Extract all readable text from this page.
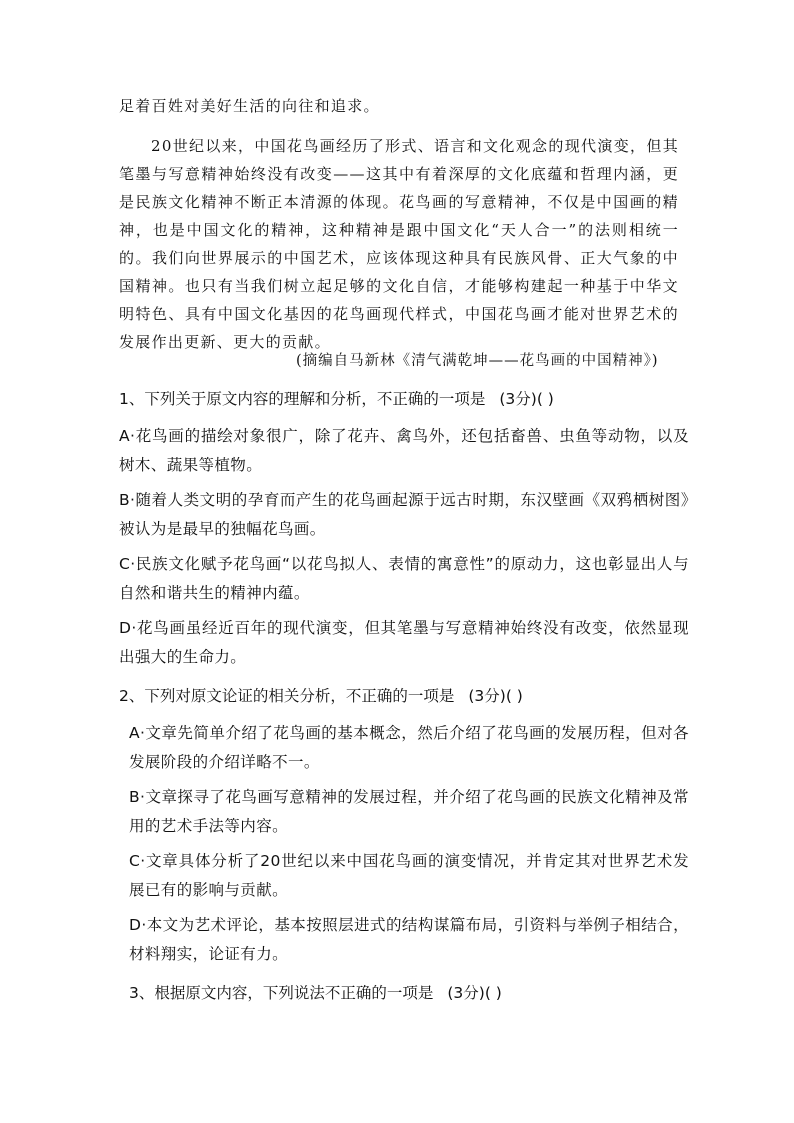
足着百姓对美好生活的向往和追求。

20世纪以来，中国花鸟画经历了形式、语言和文化观念的现代演变，但其笔墨与写意精神始终没有改变——这其中有着深厚的文化底蕴和哲理内涵，更是民族文化精神不断正本清源的体现。花鸟画的写意精神，不仅是中国画的精神，也是中国文化的精神，这种精神是跟中国文化“天人合一”的法则相统一的。我们向世界展示的中国艺术，应该体现这种具有民族风骨、正大气象的中国精神。也只有当我们树立起足够的文化自信，才能够构建起一种基于中华文明特色、具有中国文化基因的花鸟画现代样式，中国花鸟画才能对世界艺术的发展作出更新、更大的贡献。

(摘编自马新林《清气满乾坤——花鸟画的中国精神》)

1、下列关于原文内容的理解和分析，不正确的一项是 (3分)( )

A·花鸟画的描绘对象很广，除了花卉、禽鸟外，还包括畜兽、虫鱼等动物，以及树木、蔬果等植物。

B·随着人类文明的孕育而产生的花鸟画起源于远古时期，东汉壁画《双鸦栖树图》被认为是最早的独幅花鸟画。

C·民族文化赋予花鸟画“以花鸟拟人、表情的寓意性”的原动力，这也彰显出人与自然和谐共生的精神内蕴。

D·花鸟画虽经近百年的现代演变，但其笔墨与写意精神始终没有改变，依然显现出强大的生命力。

2、下列对原文论证的相关分析，不正确的一项是 (3分)( )

A·文章先简单介绍了花鸟画的基本概念，然后介绍了花鸟画的发展历程，但对各发展阶段的介绍详略不一。

B·文章探寻了花鸟画写意精神的发展过程，并介绍了花鸟画的民族文化精神及常用的艺术手法等内容。

C·文章具体分析了20世纪以来中国花鸟画的演变情况，并肯定其对世界艺术发展已有的影响与贡献。

D·本文为艺术评论，基本按照层进式的结构谋篇布局，引资料与举例子相结合，材料翔实，论证有力。

3、根据原文内容，下列说法不正确的一项是 (3分)( )
